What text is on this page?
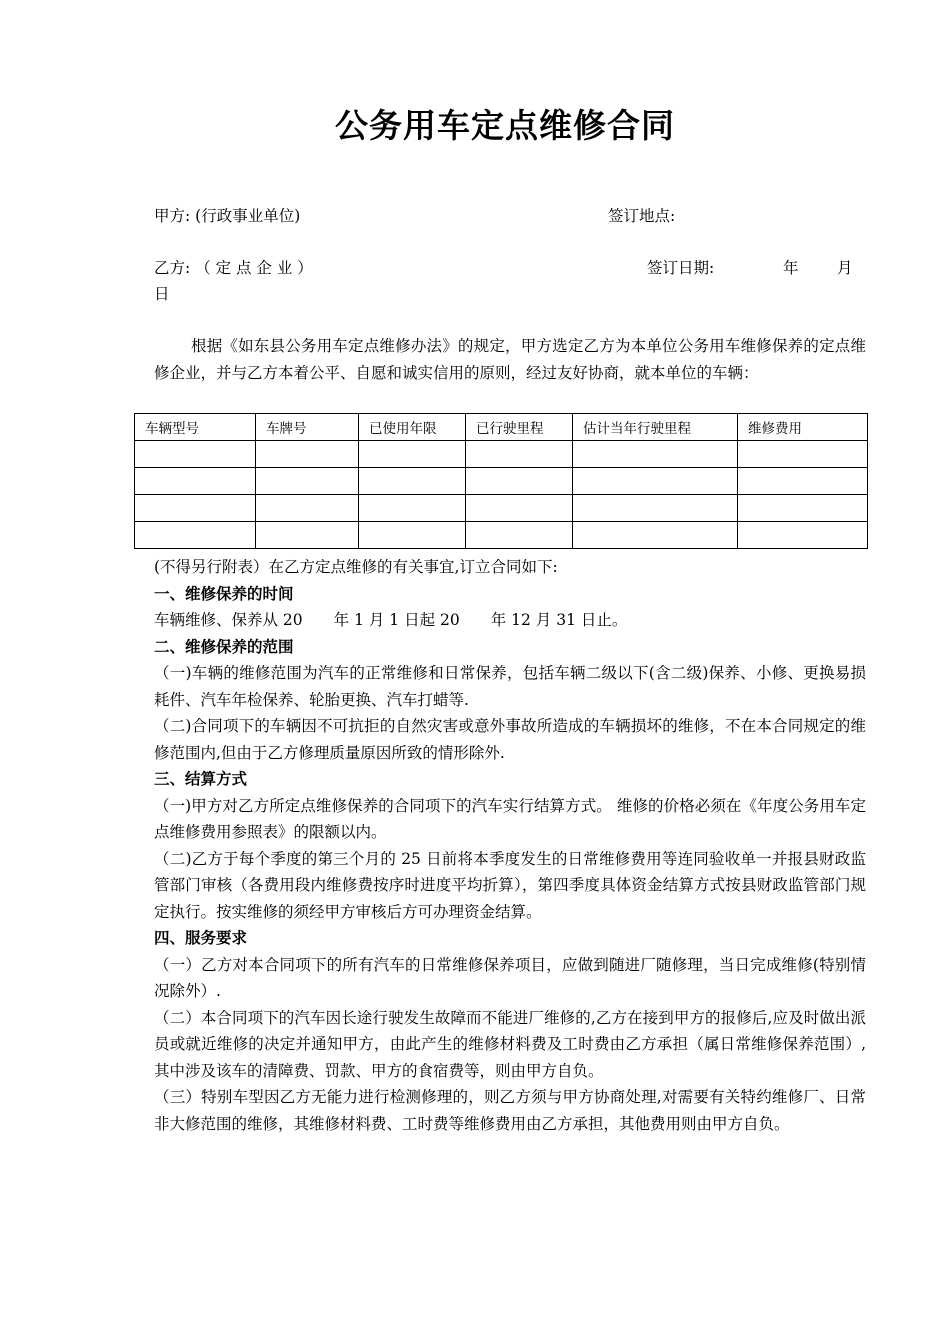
公务用车定点维修合同
甲方: (行政事业单位)	签订地点:
乙方: （ 定 点 企 业 ）	签订日期:	年 月
日

根据《如东县公务用车定点维修办法》的规定，甲方选定乙方为本单位公务用车维修保养的定点维修企业，并与乙方本着公平、自愿和诚实信用的原则，经过友好协商，就本单位的车辆：

车辆型号	车牌号	已使用年限	已行驶里程	估计当年行驶里程	维修费用

(不得另行附表）在乙方定点维修的有关事宜,订立合同如下:

一、维修保养的时间

车辆维修、保养从 20　　年 1 月 1 日起 20　　年 12 月 31 日止。

二、维修保养的范围

（一)车辆的维修范围为汽车的正常维修和日常保养，包括车辆二级以下(含二级)保养、小修、更换易损耗件、汽车年检保养、轮胎更换、汽车打蜡等.

（二)合同项下的车辆因不可抗拒的自然灾害或意外事故所造成的车辆损坏的维修，不在本合同规定的维修范围内,但由于乙方修理质量原因所致的情形除外.

三、结算方式

（一)甲方对乙方所定点维修保养的合同项下的汽车实行结算方式。 维修的价格必须在《年度公务用车定点维修费用参照表》的限额以内。

（二)乙方于每个季度的第三个月的 25 日前将本季度发生的日常维修费用等连同验收单一并报县财政监管部门审核（各费用段内维修费按序时进度平均折算），第四季度具体资金结算方式按县财政监管部门规定执行。按实维修的须经甲方审核后方可办理资金结算。

四、服务要求

（一）乙方对本合同项下的所有汽车的日常维修保养项目，应做到随进厂随修理，当日完成维修(特别情况除外）.

（二）本合同项下的汽车因长途行驶发生故障而不能进厂维修的,乙方在接到甲方的报修后,应及时做出派员或就近维修的决定并通知甲方，由此产生的维修材料费及工时费由乙方承担（属日常维修保养范围）,其中涉及该车的清障费、罚款、甲方的食宿费等，则由甲方自负。

（三）特别车型因乙方无能力进行检测修理的，则乙方须与甲方协商处理,对需要有关特约维修厂、日常非大修范围的维修，其维修材料费、工时费等维修费用由乙方承担，其他费用则由甲方自负。
